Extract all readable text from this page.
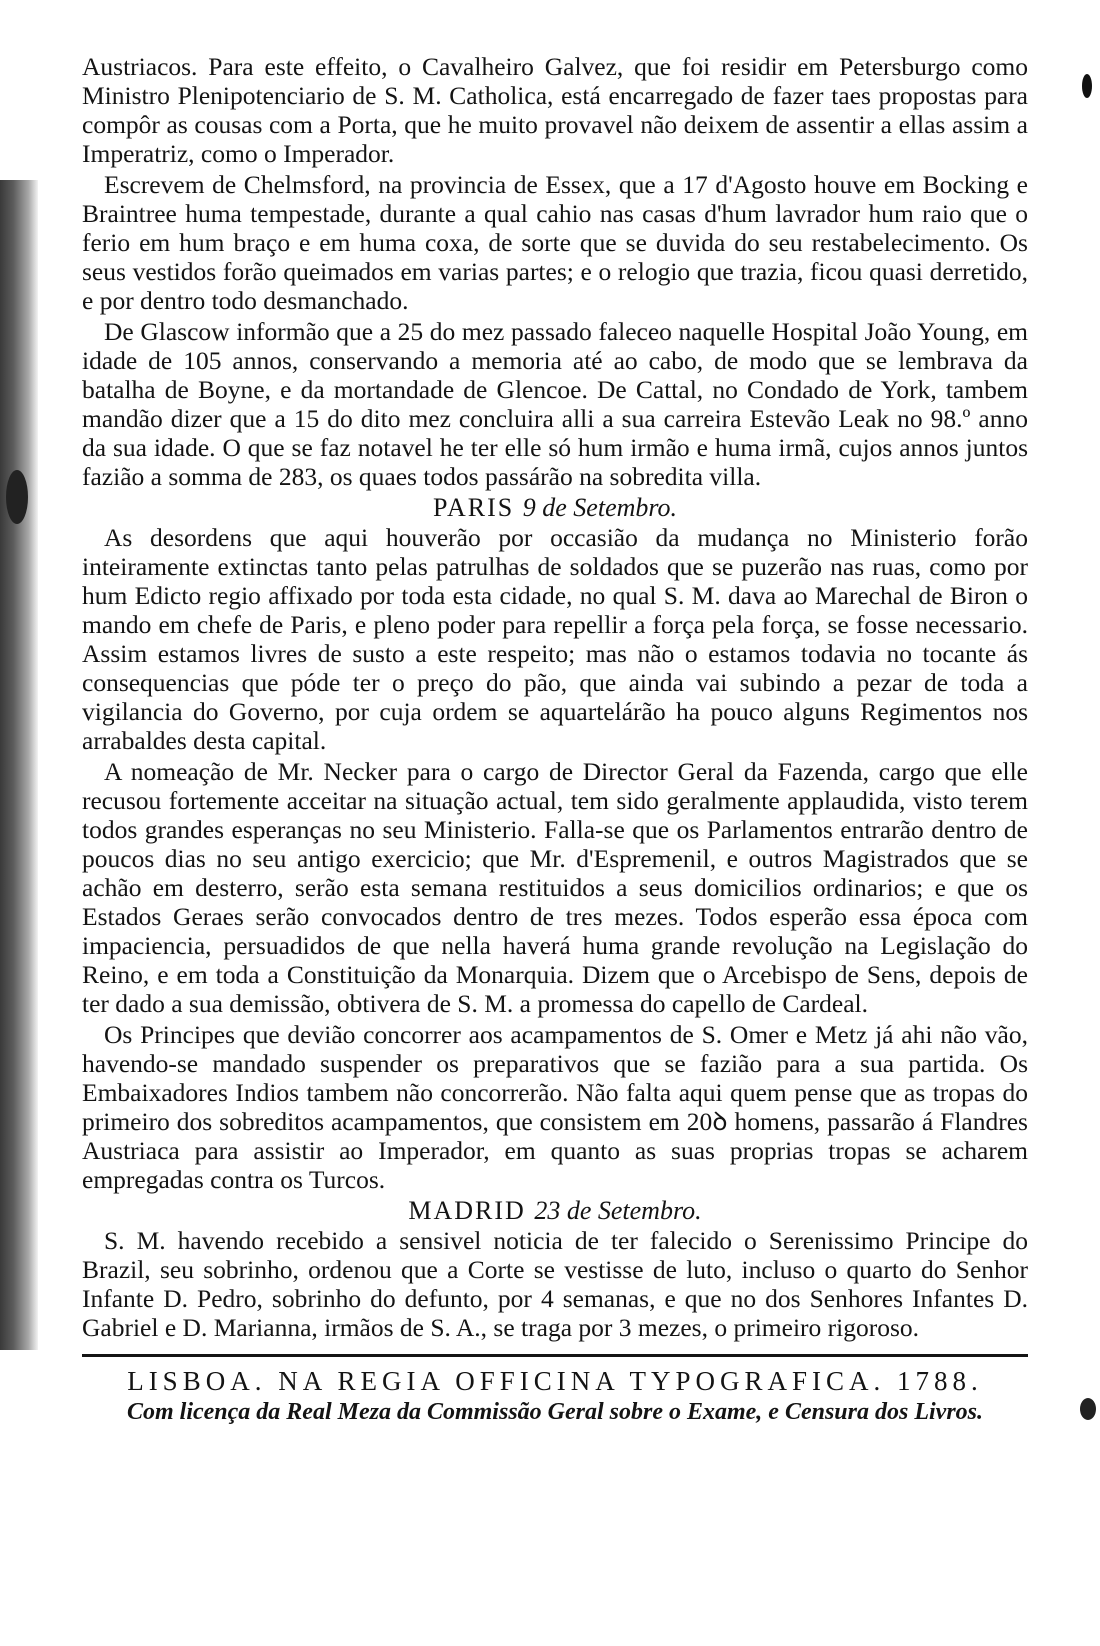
Austriacos. Para este effeito, o Cavalheiro Galvez, que foi residir em Petersburgo como Ministro Plenipotenciario de S. M. Catholica, está encarregado de fazer taes propostas para compôr as cousas com a Porta, que he muito provavel não deixem de assentir a ellas assim a Imperatriz, como o Imperador.

Escrevem de Chelmsford, na provincia de Essex, que a 17 d'Agosto houve em Bocking e Braintree huma tempestade, durante a qual cahio nas casas d'hum lavrador hum raio que o ferio em hum braço e em huma coxa, de sorte que se duvida do seu restabelecimento. Os seus vestidos forão queimados em varias partes; e o relogio que trazia, ficou quasi derretido, e por dentro todo desmanchado.

De Glascow informão que a 25 do mez passado faleceo naquelle Hospital João Young, em idade de 105 annos, conservando a memoria até ao cabo, de modo que se lembrava da batalha de Boyne, e da mortandade de Glencoe. De Cattal, no Condado de York, tambem mandão dizer que a 15 do dito mez concluira alli a sua carreira Estevão Leak no 98.º anno da sua idade. O que se faz notavel he ter elle só hum irmão e huma irmã, cujos annos juntos fazião a somma de 283, os quaes todos passárão na sobredita villa.

PARIS 9 de Setembro.

As desordens que aqui houverão por occasião da mudança no Ministerio forão inteiramente extinctas tanto pelas patrulhas de soldados que se puzerão nas ruas, como por hum Edicto regio affixado por toda esta cidade, no qual S. M. dava ao Marechal de Biron o mando em chefe de Paris, e pleno poder para repellir a força pela força, se fosse necessario. Assim estamos livres de susto a este respeito; mas não o estamos todavia no tocante ás consequencias que póde ter o preço do pão, que ainda vai subindo a pezar de toda a vigilancia do Governo, por cuja ordem se aquartelárão ha pouco alguns Regimentos nos arrabaldes desta capital.

A nomeação de Mr. Necker para o cargo de Director Geral da Fazenda, cargo que elle recusou fortemente acceitar na situação actual, tem sido geralmente applaudida, visto terem todos grandes esperanças no seu Ministerio. Falla-se que os Parlamentos entrarão dentro de poucos dias no seu antigo exercicio; que Mr. d'Espremenil, e outros Magistrados que se achão em desterro, serão esta semana restituidos a seus domicilios ordinarios; e que os Estados Geraes serão convocados dentro de tres mezes. Todos esperão essa época com impaciencia, persuadidos de que nella haverá huma grande revolução na Legislação do Reino, e em toda a Constituição da Monarquia. Dizem que o Arcebispo de Sens, depois de ter dado a sua demissão, obtivera de S. M. a promessa do capello de Cardeal.

Os Principes que devião concorrer aos acampamentos de S. Omer e Metz já ahi não vão, havendo-se mandado suspender os preparativos que se fazião para a sua partida. Os Embaixadores Indios tambem não concorrerão. Não falta aqui quem pense que as tropas do primeiro dos sobreditos acampamentos, que consistem em 20ꝺ homens, passarão á Flandres Austriaca para assistir ao Imperador, em quanto as suas proprias tropas se acharem empregadas contra os Turcos.

MADRID 23 de Setembro.

S. M. havendo recebido a sensivel noticia de ter falecido o Serenissimo Principe do Brazil, seu sobrinho, ordenou que a Corte se vestisse de luto, incluso o quarto do Senhor Infante D. Pedro, sobrinho do defunto, por 4 semanas, e que no dos Senhores Infantes D. Gabriel e D. Marianna, irmãos de S. A., se traga por 3 mezes, o primeiro rigoroso.

LISBOA. NA REGIA OFFICINA TYPOGRAFICA. 1788.

Com licença da Real Meza da Commissão Geral sobre o Exame, e Censura dos Livros.
